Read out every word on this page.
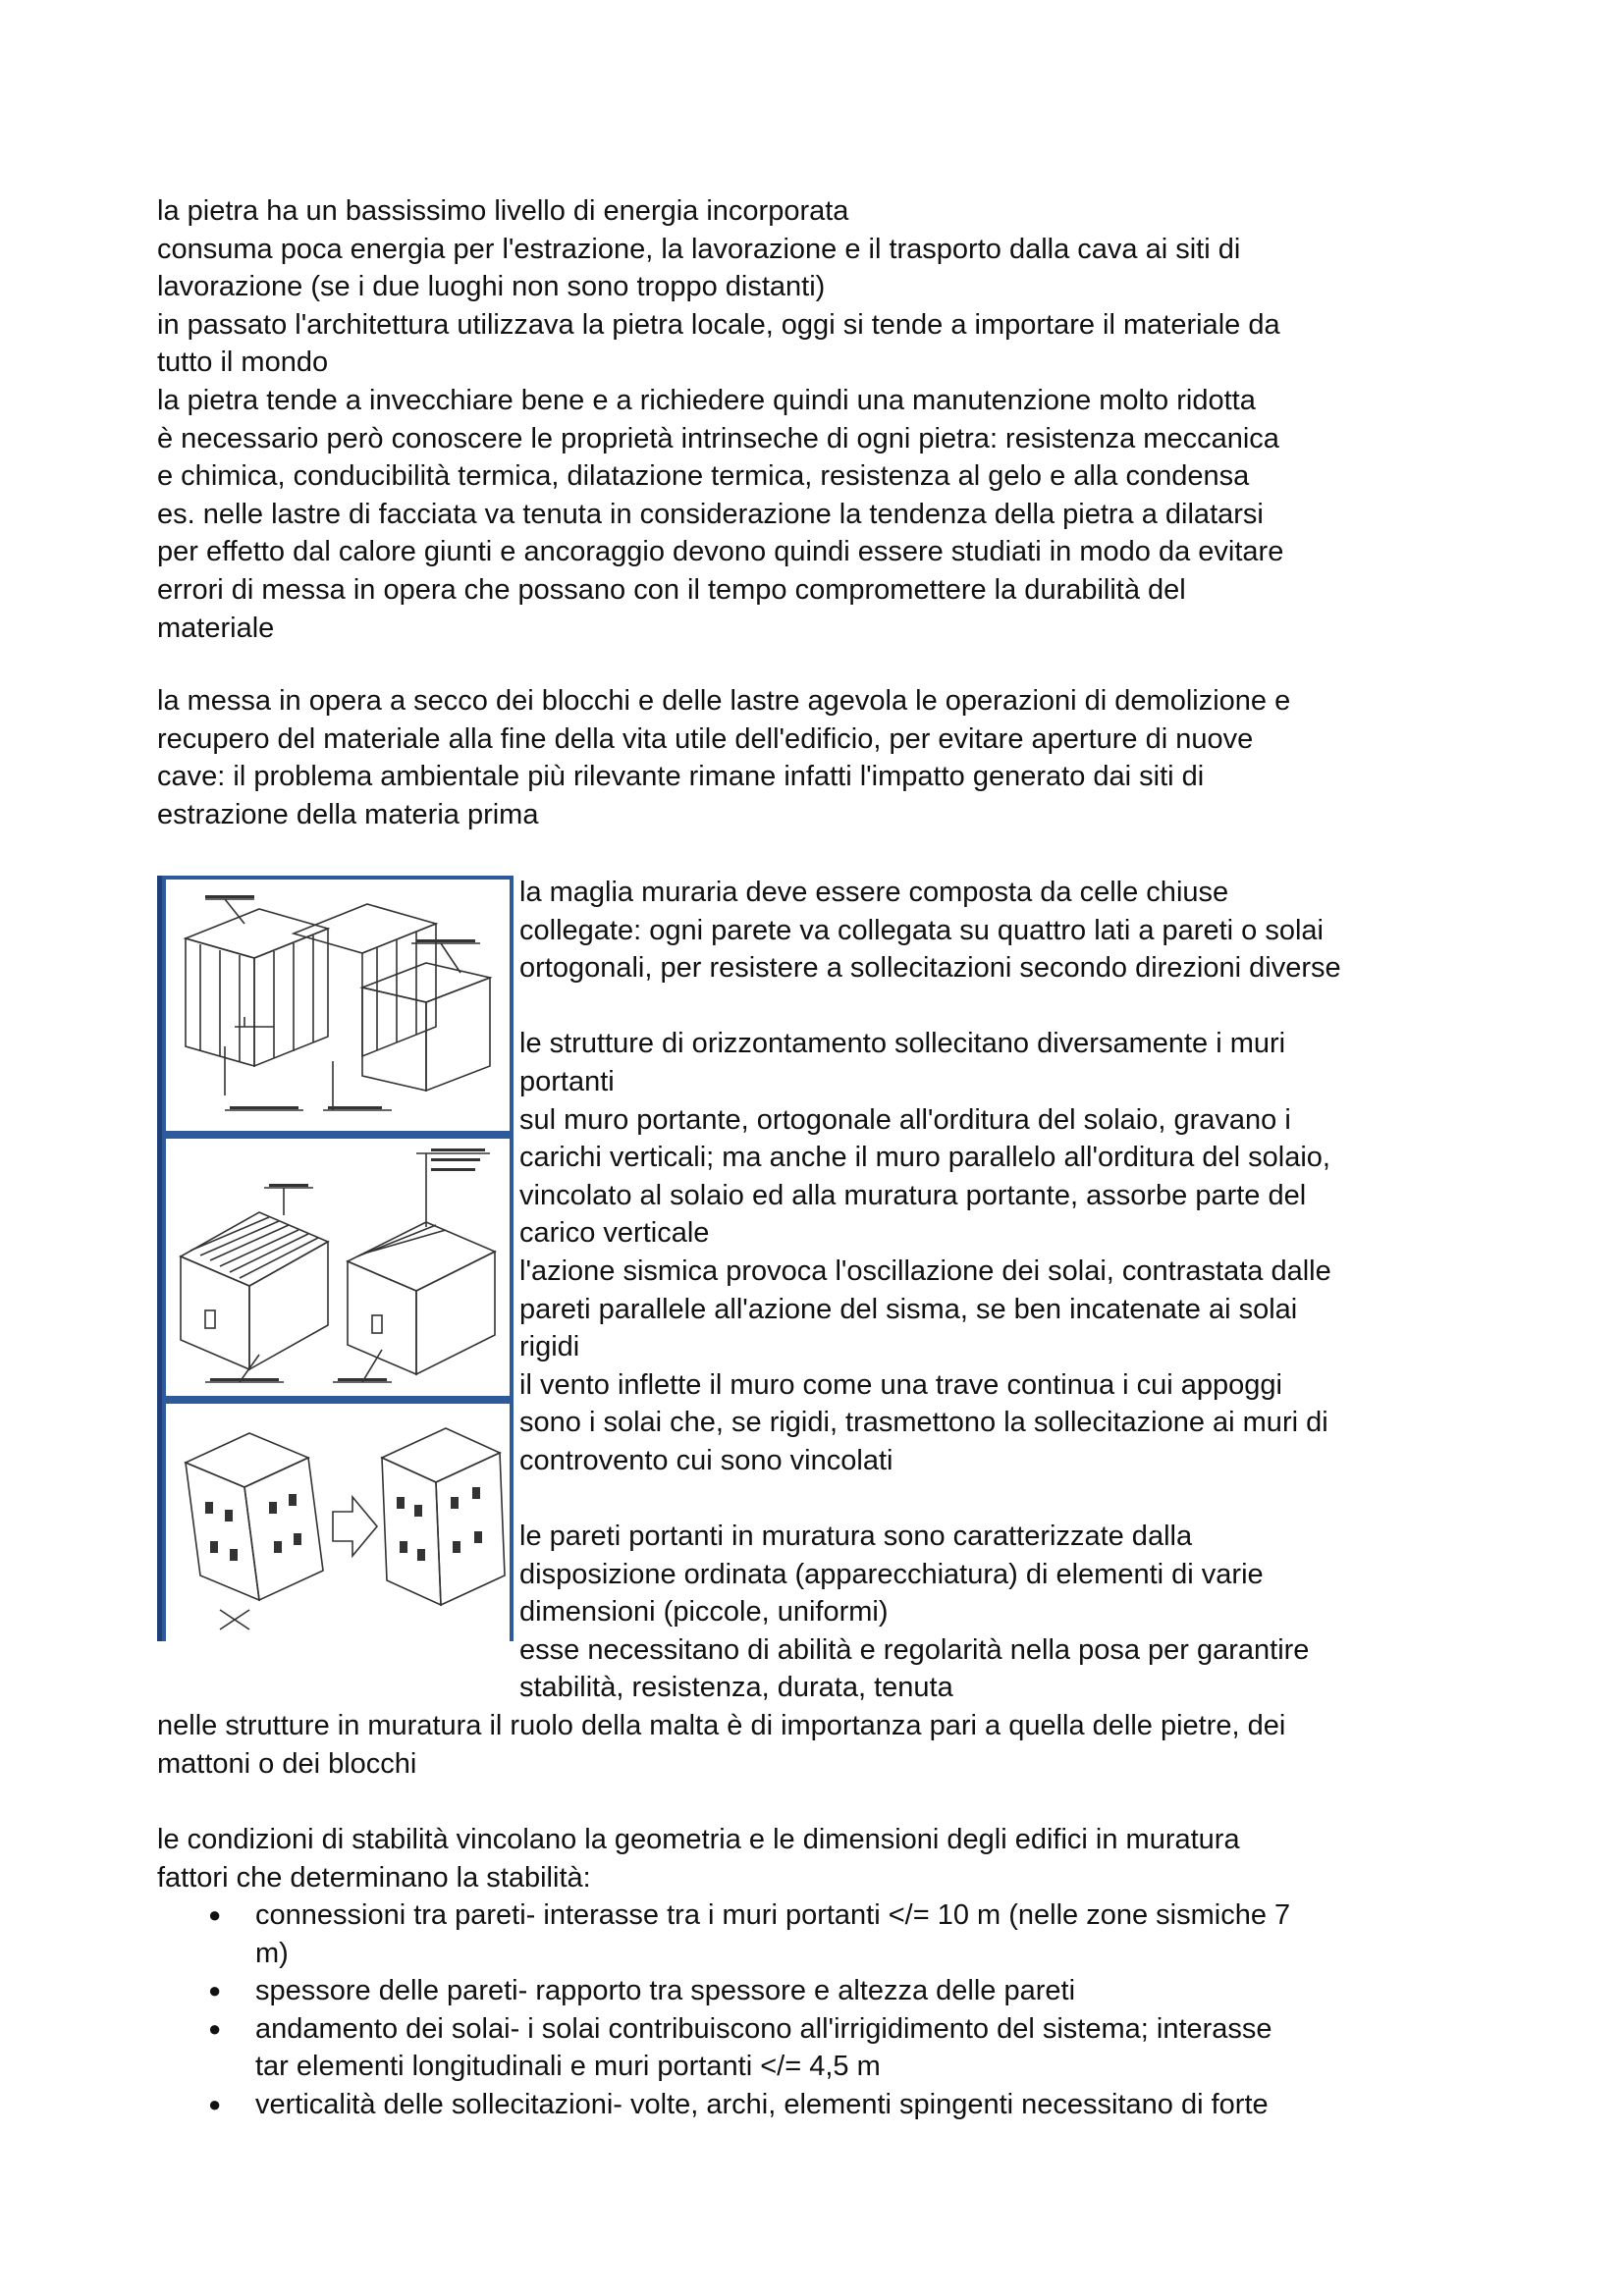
la pietra ha un bassissimo livello di energia incorporata
consuma poca energia per l'estrazione, la lavorazione e il trasporto dalla cava ai siti di
lavorazione (se i due luoghi non sono troppo distanti)
in passato l'architettura utilizzava la pietra locale, oggi si tende a importare il materiale da
tutto il mondo
la pietra tende a invecchiare bene e a richiedere quindi una manutenzione molto ridotta
è necessario però conoscere le proprietà intrinseche di ogni pietra: resistenza meccanica
e chimica, conducibilità termica, dilatazione termica, resistenza al gelo e alla condensa
es. nelle lastre di facciata va tenuta in considerazione la tendenza della pietra a dilatarsi
per effetto dal calore giunti e ancoraggio devono quindi essere studiati in modo da evitare
errori di messa in opera che possano con il tempo compromettere la durabilità del
materiale
la messa in opera a secco dei blocchi e delle lastre agevola le operazioni di demolizione e
recupero del materiale alla fine della vita utile dell'edificio, per evitare aperture di nuove
cave: il problema ambientale più rilevante rimane infatti l'impatto generato dai siti di
estrazione della materia prima
la maglia muraria deve essere composta da celle chiuse
collegate: ogni parete va collegata su quattro lati a pareti o solai
ortogonali, per resistere a sollecitazioni secondo direzioni diverse
le strutture di orizzontamento sollecitano diversamente i muri
portanti
sul muro portante, ortogonale all'orditura del solaio, gravano i
carichi verticali; ma anche il muro parallelo all'orditura del solaio,
vincolato al solaio ed alla muratura portante, assorbe parte del
carico verticale
l'azione sismica provoca l'oscillazione dei solai, contrastata dalle
pareti parallele all'azione del sisma, se ben incatenate ai solai
rigidi
il vento inflette il muro come una trave continua i cui appoggi
sono i solai che, se rigidi, trasmettono la sollecitazione ai muri di
controvento cui sono vincolati
le pareti portanti in muratura sono caratterizzate dalla
disposizione ordinata (apparecchiatura) di elementi di varie
dimensioni (piccole, uniformi)
esse necessitano di abilità e regolarità nella posa per garantire
stabilità, resistenza, durata, tenuta
nelle strutture in muratura il ruolo della malta è di importanza pari a quella delle pietre, dei
mattoni o dei blocchi
le condizioni di stabilità vincolano la geometria e le dimensioni degli edifici in muratura
fattori che determinano la stabilità:
● connessioni tra pareti- interasse tra i muri portanti </= 10 m (nelle zone sismiche 7
m)
● spessore delle pareti- rapporto tra spessore e altezza delle pareti
● andamento dei solai- i solai contribuiscono all'irrigidimento del sistema; interasse
tar elementi longitudinali e muri portanti </= 4,5 m
● verticalità delle sollecitazioni- volte, archi, elementi spingenti necessitano di forte
